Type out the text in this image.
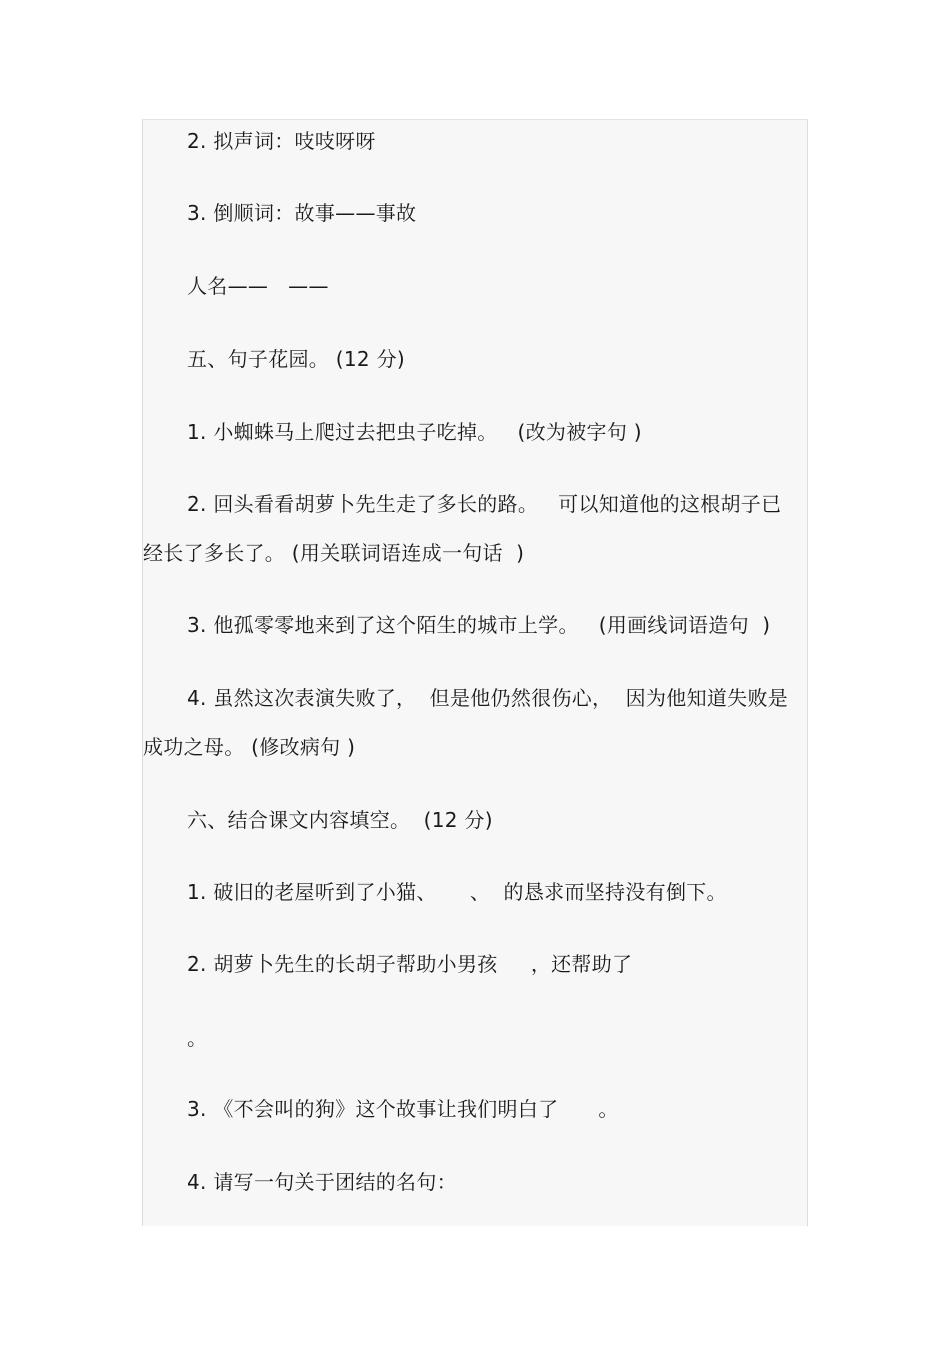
2. 拟声词：吱吱呀呀
3. 倒顺词：故事——事故
人名——   ——
五、句子花园。 (12 分)
1. 小蜘蛛马上爬过去把虫子吃掉。   (改为被字句 )
2. 回头看看胡萝卜先生走了多长的路。   可以知道他的这根胡子已
经长了多长了。 (用关联词语连成一句话  )
3. 他孤零零地来到了这个陌生的城市上学。   (用画线词语造句  )
4. 虽然这次表演失败了，  但是他仍然很伤心，  因为他知道失败是
成功之母。 (修改病句 )
六、结合课文内容填空。  (12 分)
1. 破旧的老屋听到了小猫、     、  的恳求而坚持没有倒下。
2. 胡萝卜先生的长胡子帮助小男孩     ，还帮助了
。
3. 《不会叫的狗》这个故事让我们明白了      。
4. 请写一句关于团结的名句：
